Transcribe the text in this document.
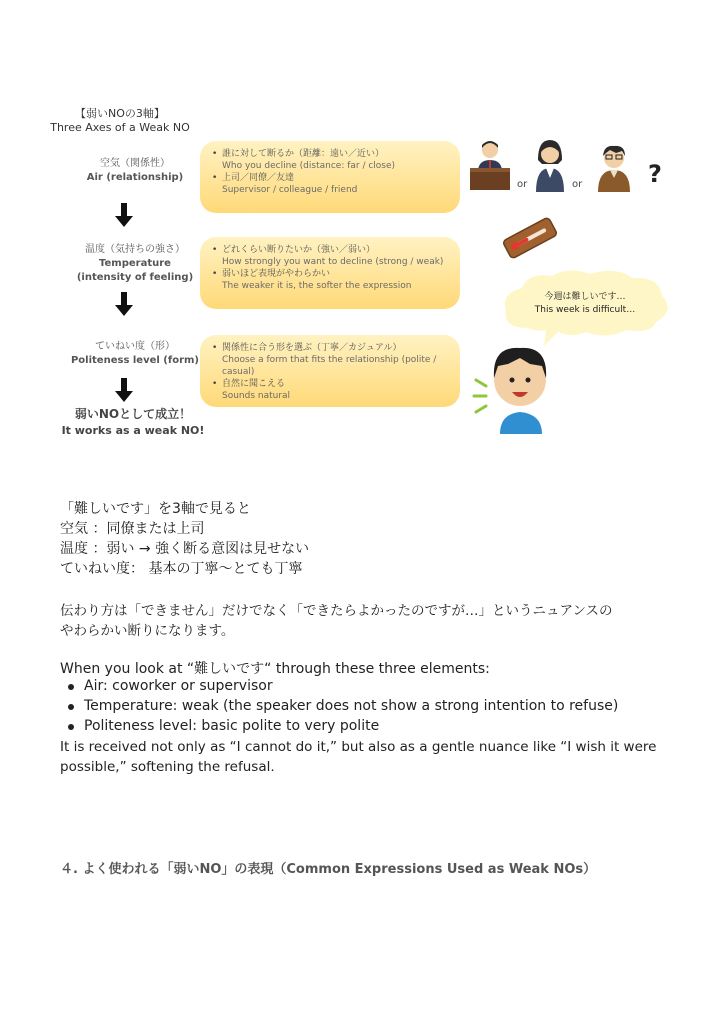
【弱いNOの3軸】
Three Axes of a Weak NO
空気（関係性）
Air (relationship)
• 誰に対して断るか（距離：遠い／近い）
Who you decline (distance: far / close)
• 上司／同僚／友達
Supervisor / colleague / friend
温度（気持ちの強さ）
Temperature
(intensity of feeling)
• どれくらい断りたいか（強い／弱い）
How strongly you want to decline (strong / weak)
• 弱いほど表現がやわらかい
The weaker it is, the softer the expression
ていねい度（形）
Politeness level (form)
• 関係性に合う形を選ぶ（丁寧／カジュアル）
Choose a form that fits the relationship (polite / casual)
• 自然に聞こえる
Sounds natural
弱いNOとして成立！
It works as a weak NO!
or	or	?
今週は難しいです…
This week is difficult…
「難しいです」を3軸で見ると
空気 ：同僚または上司
温度 ：弱い → 強く断る意図は見せない
ていねい度： 基本の丁寧〜とても丁寧
伝わり方は「できません」だけでなく「できたらよかったのですが…」というニュアンスの
やわらかい断りになります。
When you look at “難しいです“ through these three elements:
Air: coworker or supervisor
Temperature: weak (the speaker does not show a strong intention to refuse)
Politeness level: basic polite to very polite
It is received not only as “I cannot do it,” but also as a gentle nuance like “I wish it were
possible,” softening the refusal.
４. よく使われる「弱いNO」の表現（Common Expressions Used as Weak NOs）
